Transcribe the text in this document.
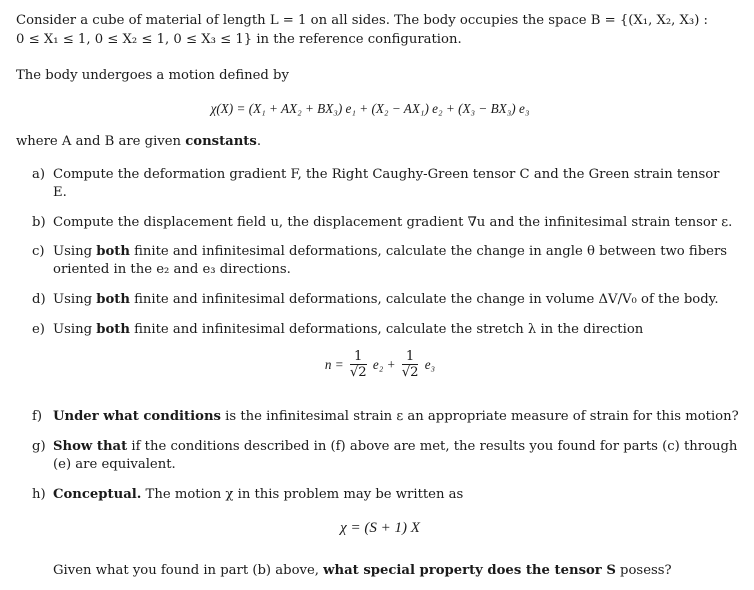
Consider a cube of material of length L = 1 on all sides. The body occupies the space B = {(X₁, X₂, X₃) :
0 ≤ X₁ ≤ 1, 0 ≤ X₂ ≤ 1, 0 ≤ X₃ ≤ 1} in the reference configuration.
The body undergoes a motion defined by
χ(X) = (X₁ + AX₂ + BX₃) e₁ + (X₂ − AX₁) e₂ + (X₃ − BX₃) e₃
where A and B are given constants.
a) Compute the deformation gradient F, the Right Caughy-Green tensor C and the Green strain tensor
E.
b) Compute the displacement field u, the displacement gradient ∇u and the infinitesimal strain tensor ε.
c) Using both finite and infinitesimal deformations, calculate the change in angle θ between two fibers
oriented in the e₂ and e₃ directions.
d) Using both finite and infinitesimal deformations, calculate the change in volume ΔV/V₀ of the body.
e) Using both finite and infinitesimal deformations, calculate the stretch λ in the direction
$n = \frac{1}{√2} e_2 + \frac{1}{√2} e_3$
f) Under what conditions is the infinitesimal strain ε an appropriate measure of strain for this motion?
g) Show that if the conditions described in (f) above are met, the results you found for parts (c) through
(e) are equivalent.
h) Conceptual. The motion χ in this problem may be written as
χ = (S + 1) X
Given what you found in part (b) above, what special property does the tensor S posess?
